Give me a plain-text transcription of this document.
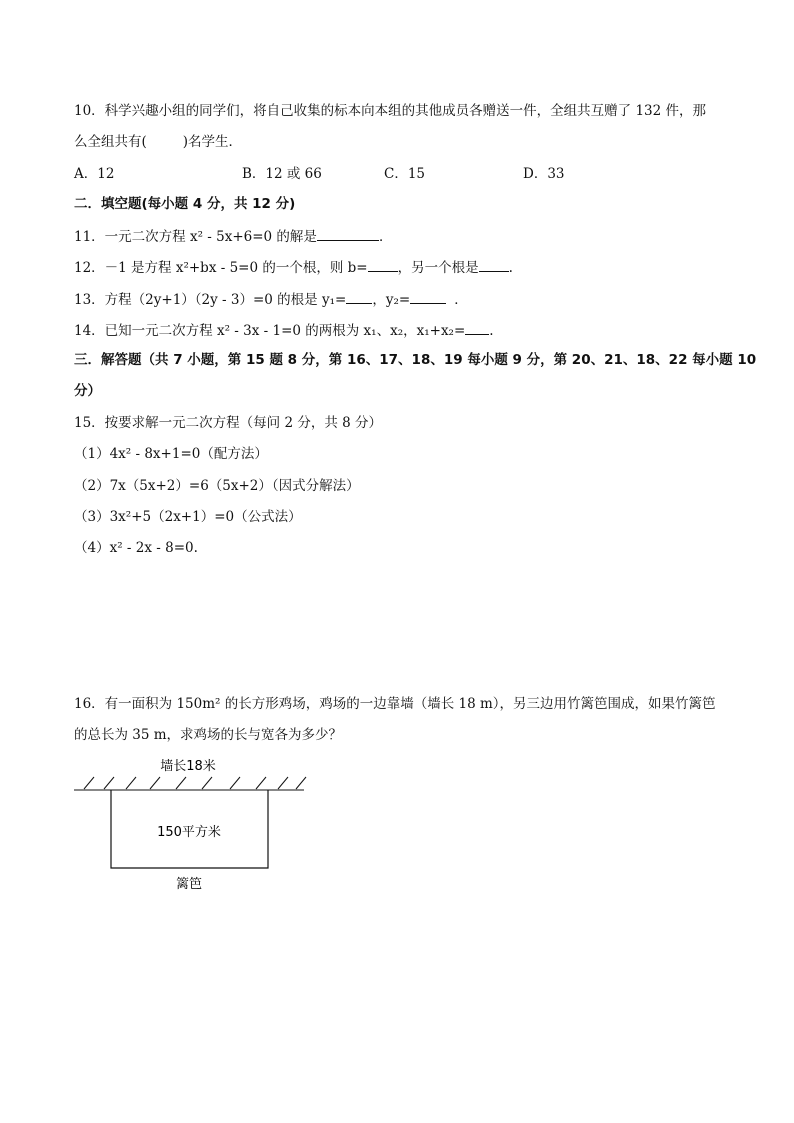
10．科学兴趣小组的同学们，将自己收集的标本向本组的其他成员各赠送一件，全组共互赠了 132 件，那
么全组共有(	)名学生．
A．12	B．12 或 66	C．15	D．33
二．填空题(每小题 4 分，共 12 分)
11．一元二次方程 x² - 5x+6=0 的解是	．
12．－1 是方程 x²+bx - 5=0 的一个根，则 b= ，另一个根是 .
13．方程（2y+1）（2y - 3）=0 的根是 y₁= ，y₂=	．
14．已知一元二次方程 x² - 3x - 1=0 的两根为 x₁、x₂，x₁+x₂= .
三．解答题（共 7 小题，第 15 题 8 分，第 16、17、18、19 每小题 9 分，第 20、21、18、22 每小题 10
分）
15．按要求解一元二次方程（每问 2 分，共 8 分）
（1）4x² - 8x+1=0（配方法）
（2）7x（5x+2）=6（5x+2）（因式分解法）
（3）3x²+5（2x+1）=0（公式法）
（4）x² - 2x - 8=0.
16．有一面积为 150m² 的长方形鸡场，鸡场的一边靠墙（墙长 18 m），另三边用竹篱笆围成，如果竹篱笆
的总长为 35 m，求鸡场的长与宽各为多少？
墙长18米
150平方米
篱笆
